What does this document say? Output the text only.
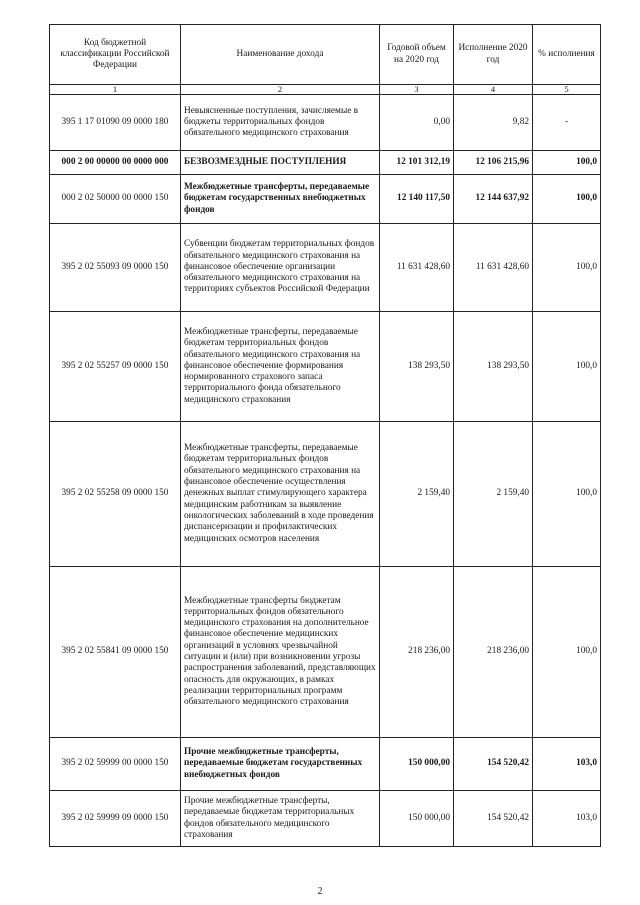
Код бюджетной классификации Российской Федерации	Наименование дохода	Годовой объем на 2020 год	Исполнение 2020 год	% исполнения
1	2	3	4	5
395 1 17 01090 09 0000 180	Невыясненные поступления, зачисляемые в бюджеты территориальных фондов обязательного медицинского страхования	0,00	9,82	-
000 2 00 00000 00 0000 000	БЕЗВОЗМЕЗДНЫЕ ПОСТУПЛЕНИЯ	12 101 312,19	12 106 215,96	100,0
000 2 02 50000 00 0000 150	Межбюджетные трансферты, передаваемые бюджетам государственных внебюджетных фондов	12 140 117,50	12 144 637,92	100,0
395 2 02 55093 09 0000 150	Субвенции бюджетам территориальных фондов обязательного медицинского страхования на финансовое обеспечение организации обязательного медицинского страхования на территориях субъектов Российской Федерации	11 631 428,60	11 631 428,60	100,0
395 2 02 55257 09 0000 150	Межбюджетные трансферты, передаваемые бюджетам территориальных фондов обязательного медицинского страхования на финансовое обеспечение формирования нормированного страхового запаса территориального фонда обязательного медицинского страхования	138 293,50	138 293,50	100,0
395 2 02 55258 09 0000 150	Межбюджетные трансферты, передаваемые бюджетам территориальных фондов обязательного медицинского страхования на финансовое обеспечение осуществления денежных выплат стимулирующего характера медицинским работникам за выявление онкологических заболеваний в ходе проведения диспансеризации и профилактических медицинских осмотров населения	2 159,40	2 159,40	100,0
395 2 02 55841 09 0000 150	Межбюджетные трансферты бюджетам территориальных фондов обязательного медицинского страхования на дополнительное финансовое обеспечение медицинских организаций в условиях чрезвычайной ситуации и (или) при возникновении угрозы распространения заболеваний, представляющих опасность для окружающих, в рамках реализации территориальных программ обязательного медицинского страхования	218 236,00	218 236,00	100,0
395 2 02 59999 00 0000 150	Прочие межбюджетные трансферты, передаваемые бюджетам государственных внебюджетных фондов	150 000,00	154 520,42	103,0
395 2 02 59999 09 0000 150	Прочие межбюджетные трансферты, передаваемые бюджетам территориальных фондов обязательного медицинского страхования	150 000,00	154 520,42	103,0
2
